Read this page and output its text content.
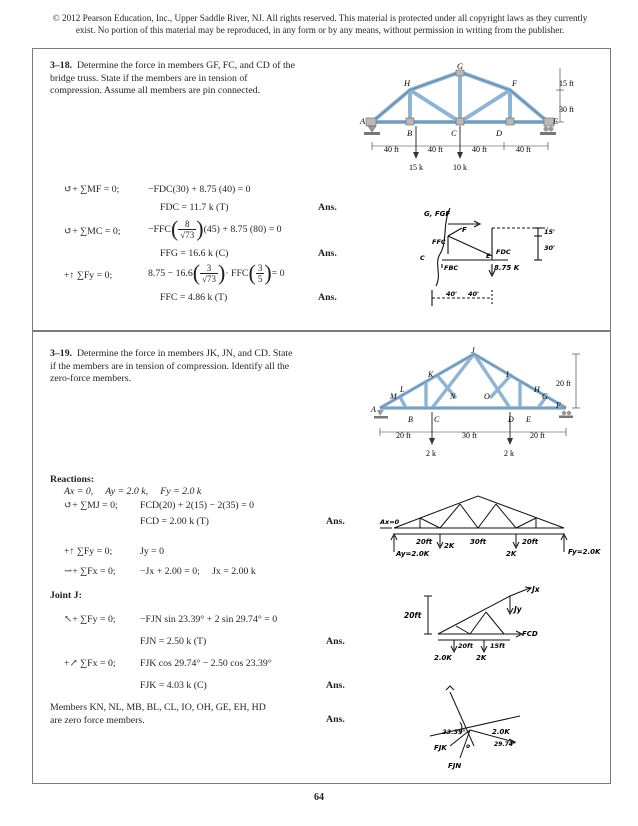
© 2012 Pearson Education, Inc., Upper Saddle River, NJ. All rights reserved. This material is protected under all copyright laws as they currently
exist. No portion of this material may be reproduced, in any form or by any means, without permission in writing from the publisher.
3–18. Determine the force in members GF, FC, and CD of the bridge truss. State if the members are in tension of compression. Assume all members are pin connected.
G
H	F
A
B	C	D
E
15 ft
30 ft
40 ft	40 ft	40 ft	40 ft
15 k	10 k
↺+ ∑MF = 0;	−FDC(30) + 8.75 (40) = 0
FDC = 11.7 k (T)	Ans.
↺+ ∑MC = 0;	−FFC ( 8
√73 ) (45) + 8.75 (80) = 0
FFG = 16.6 k (C)	Ans.
+↑ ∑Fy = 0;	8.75 − 16.6 ( 3
√73 ) · FFC ( 3
5 ) = 0
FFC = 4.86 k (T)	Ans.
G, FGF
FFC
F
C
FBC
FDC
E
8.75 K
15'
30'
40' 40'
3–19. Determine the force in members JK, JN, and CD. State if the members are in tension of compression. Identify all the zero-force members.
J
K	I
L	H
M	N	O	G
A	F
B	C	D E
20 ft
20 ft	30 ft	20 ft
2 k	2 k
Reactions:
Ax = 0,     Ay = 2.0 k,     Fy = 2.0 k
↺+ ∑MJ = 0; FCD(20) + 2(15) − 2(35) = 0
FCD = 2.00 k (T)	Ans.
+↑ ∑Fy = 0;	Jy = 0
⇀+ ∑Fx = 0; −Jx + 2.00 = 0;     Jx = 2.00 k
Joint J:
↖+ ∑Fy = 0; −FJN sin 23.39° + 2 sin 29.74° = 0
FJN = 2.50 k (T)	Ans.
+↗ ∑Fx = 0; FJK cos 29.74° − 2.50 cos 23.39°
FJK = 4.03 k (C)	Ans.
Members KN, NL, MB, BL, CL, IO, OH, GE, EH, HD
are zero force members.	Ans.
Ax=0
Ay=2.0K
2K
20ft	30ft	20ft
2K	Fy=2.0K
20ft
Jx
Jy
FCD
20ft	15ft
2.0K	2K
23.39°	2.0K
29.74°
FJK
FJN
o
64
